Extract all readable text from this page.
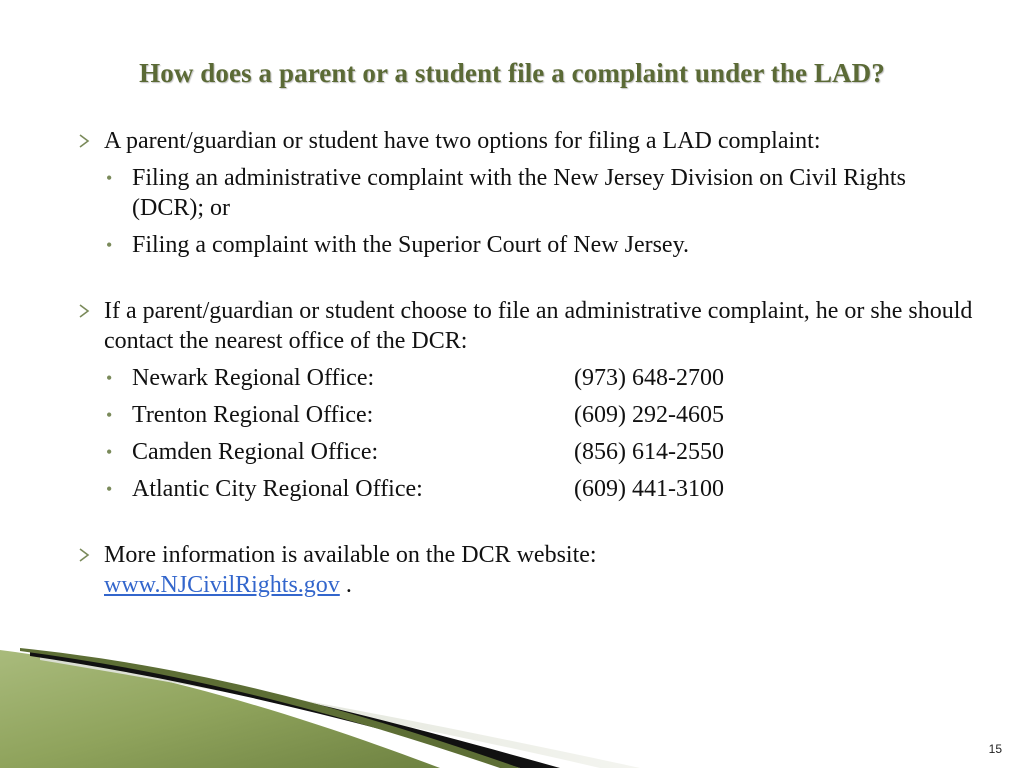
How does a parent or a student file a complaint under the LAD?
A parent/guardian or student have two options for filing a LAD complaint:
• Filing an administrative complaint with the New Jersey Division on Civil Rights (DCR); or
• Filing a complaint with the Superior Court of New Jersey.
If a parent/guardian or student choose to file an administrative complaint, he or she should contact the nearest office of the DCR:
• Newark Regional Office:	(973) 648-2700
• Trenton Regional Office:	(609) 292-4605
• Camden Regional Office:	(856) 614-2550
• Atlantic City Regional Office:	(609) 441-3100
More information is available on the DCR website:
www.NJCivilRights.gov .
15
